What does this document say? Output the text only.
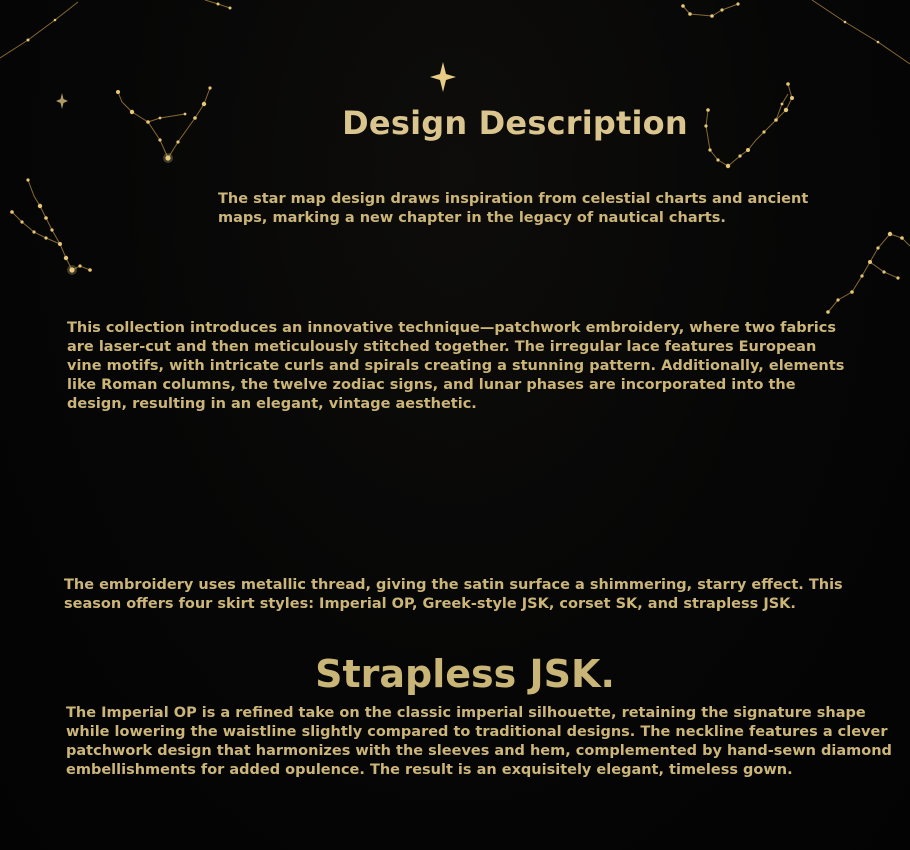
Design Description

The star map design draws inspiration from celestial charts and ancient maps, marking a new chapter in the legacy of nautical charts.

This collection introduces an innovative technique—patchwork embroidery, where two fabrics are laser-cut and then meticulously stitched together. The irregular lace features European vine motifs, with intricate curls and spirals creating a stunning pattern. Additionally, elements like Roman columns, the twelve zodiac signs, and lunar phases are incorporated into the design, resulting in an elegant, vintage aesthetic.

The embroidery uses metallic thread, giving the satin surface a shimmering, starry effect. This season offers four skirt styles: Imperial OP, Greek-style JSK, corset SK, and strapless JSK.

Strapless JSK.

The Imperial OP is a refined take on the classic imperial silhouette, retaining the signature shape while lowering the waistline slightly compared to traditional designs. The neckline features a clever patchwork design that harmonizes with the sleeves and hem, complemented by hand-sewn diamond embellishments for added opulence. The result is an exquisitely elegant, timeless gown.
